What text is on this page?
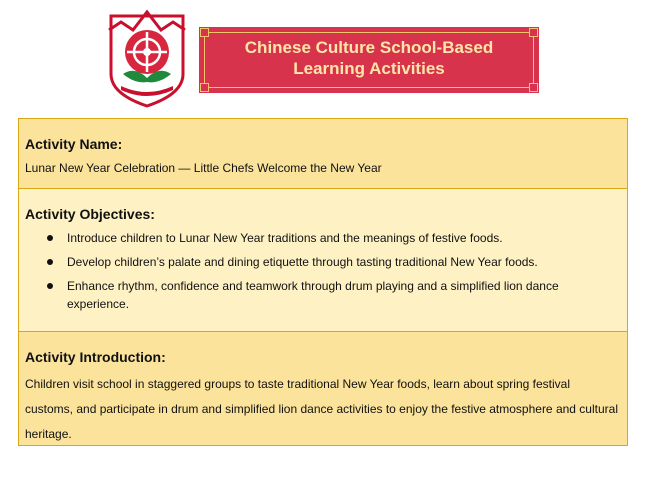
Chinese Culture School-Based
Learning Activities
Activity Name:
Lunar New Year Celebration — Little Chefs Welcome the New Year
Activity Objectives:
Introduce children to Lunar New Year traditions and the meanings of festive foods.
Develop children’s palate and dining etiquette through tasting traditional New Year foods.
Enhance rhythm, confidence and teamwork through drum playing and a simplified lion dance experience.
Activity Introduction:
Children visit school in staggered groups to taste traditional New Year foods, learn about spring festival customs, and participate in drum and simplified lion dance activities to enjoy the festive atmosphere and cultural heritage.
